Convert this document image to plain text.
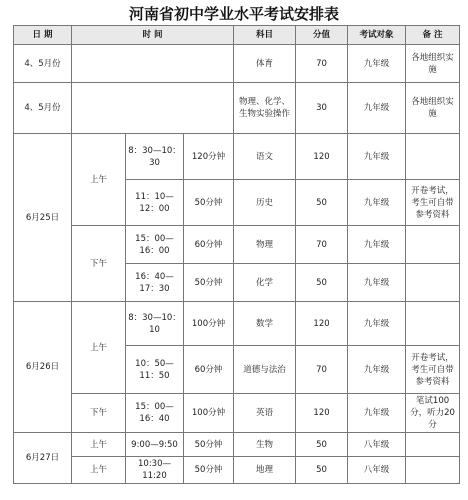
河南省初中学业水平考试安排表
日 期	时 间			科目	分值	考试对象	备 注
4、5月份				体育	70	九年级	各地组织实施
4、5月份				物理、化学、生物实验操作	30	九年级	各地组织实施
6月25日	上午	8：30—10：30	120分钟	语文	120	九年级	
		11：10—12：00	50分钟	历史	50	九年级	开卷考试，考生可自带参考资料
	下午	15：00—16：00	60分钟	物理	70	九年级	
		16：40—17：30	50分钟	化学	50	九年级	
6月26日	上午	8：30—10：10	100分钟	数学	120	九年级	
		10：50—11：50	60分钟	道德与法治	70	九年级	开卷考试，考生可自带参考资料
	下午	15：00—16：40	100分钟	英语	120	九年级	笔试100分，听力20分
6月27日	上午	9:00—9:50	50分钟	生物	50	八年级	
	上午	10:30—11:20	50分钟	地理	50	八年级	
